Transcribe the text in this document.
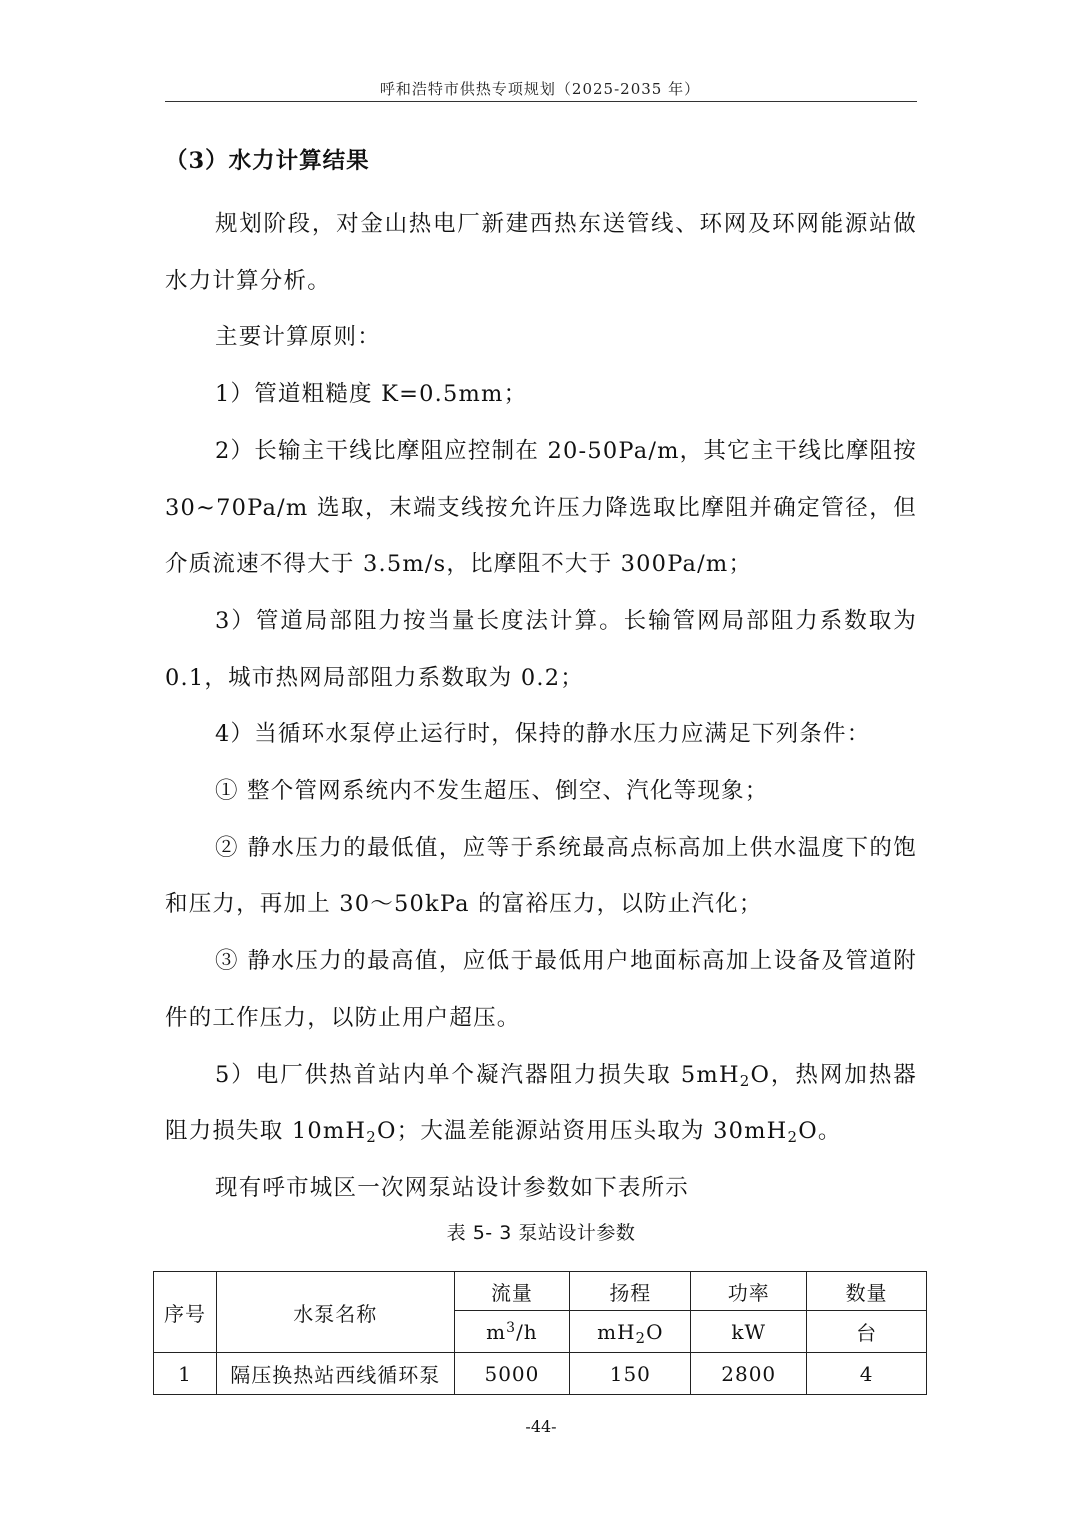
呼和浩特市供热专项规划（2025-2035 年）
（3）水力计算结果

规划阶段，对金山热电厂新建西热东送管线、环网及环网能源站做水力计算分析。

主要计算原则：

1）管道粗糙度 K=0.5mm；

2）长输主干线比摩阻应控制在 20-50Pa/m，其它主干线比摩阻按 30~70Pa/m 选取，末端支线按允许压力降选取比摩阻并确定管径，但介质流速不得大于 3.5m/s，比摩阻不大于 300Pa/m；

3）管道局部阻力按当量长度法计算。长输管网局部阻力系数取为 0.1，城市热网局部阻力系数取为 0.2；

4）当循环水泵停止运行时，保持的静水压力应满足下列条件：

① 整个管网系统内不发生超压、倒空、汽化等现象；

② 静水压力的最低值，应等于系统最高点标高加上供水温度下的饱和压力，再加上 30～50kPa 的富裕压力，以防止汽化；

③ 静水压力的最高值，应低于最低用户地面标高加上设备及管道附件的工作压力，以防止用户超压。

5）电厂供热首站内单个凝汽器阻力损失取 $5mH_2O$，热网加热器阻力损失取 $10mH_2O$；大温差能源站资用压头取为 $30mH_2O$。

现有呼市城区一次网泵站设计参数如下表所示

表 5- 3 泵站设计参数
序号	水泵名称	流量	扬程	功率	数量
		$m^3/h$	$mH_2O$	kW	台
1	隔压换热站西线循环泵	5000	150	2800	4
-44-
